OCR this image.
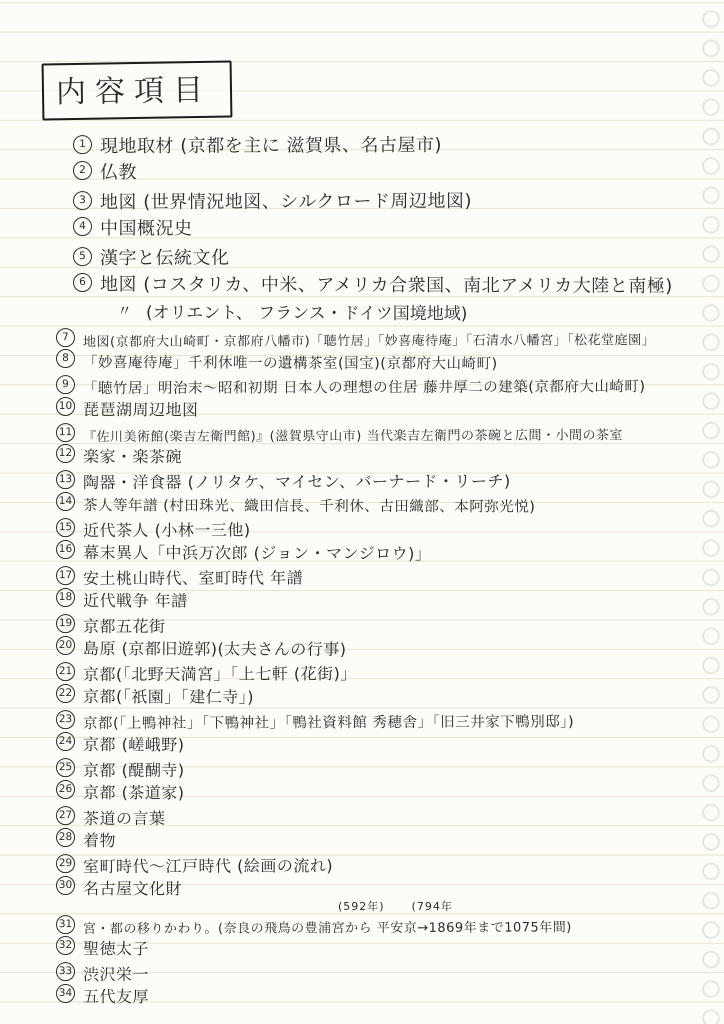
内容項目
1 現地取材 (京都を主に 滋賀県、名古屋市)
2 仏教
3 地図 (世界情況地図、シルクロード周辺地図)
4 中国概況史
5 漢字と伝統文化
6 地図 (コスタリカ、中米、アメリカ合衆国、南北アメリカ大陸と南極)
〃 (オリエント、 フランス・ドイツ国境地域)
7	地図(京都府大山崎町・京都府八幡市)「聴竹居」「妙喜庵待庵」「石清水八幡宮」「松花堂庭園」
8 「妙喜庵待庵」千利休唯一の遺構茶室(国宝)(京都府大山崎町)
9 「聴竹居」明治末〜昭和初期 日本人の理想の住居 藤井厚二の建築(京都府大山崎町)
10 琵琶湖周辺地図
11 『佐川美術館(楽吉左衛門館)』(滋賀県守山市) 当代楽吉左衛門の茶碗と広間・小間の茶室
12 楽家・楽茶碗
13 陶器・洋食器 (ノリタケ、マイセン、バーナード・リーチ)
14 茶人等年譜 (村田珠光、織田信長、千利休、古田織部、本阿弥光悦)
15 近代茶人 (小林一三他)
16 幕末異人「中浜万次郎 (ジョン・マンジロウ)」
17 安土桃山時代、室町時代 年譜
18 近代戦争 年譜
19 京都五花街
20 島原 (京都旧遊郭)(太夫さんの行事)
21 京都(「北野天満宮」「上七軒 (花街)」
22 京都(「祇園」「建仁寺」)
23 京都(「上鴨神社」「下鴨神社」「鴨社資料館 秀穂舎」「旧三井家下鴨別邸」)
24 京都 (嵯峨野)
25 京都 (醍醐寺)
26 京都 (茶道家)
27 茶道の言葉
28 着物
29 室町時代〜江戸時代 (絵画の流れ)
30 名古屋文化財
(592年)      (794年
31 宮・都の移りかわり。(奈良の飛鳥の豊浦宮から 平安京→1869年まで1075年間)
32 聖徳太子
33 渋沢栄一
34 五代友厚
